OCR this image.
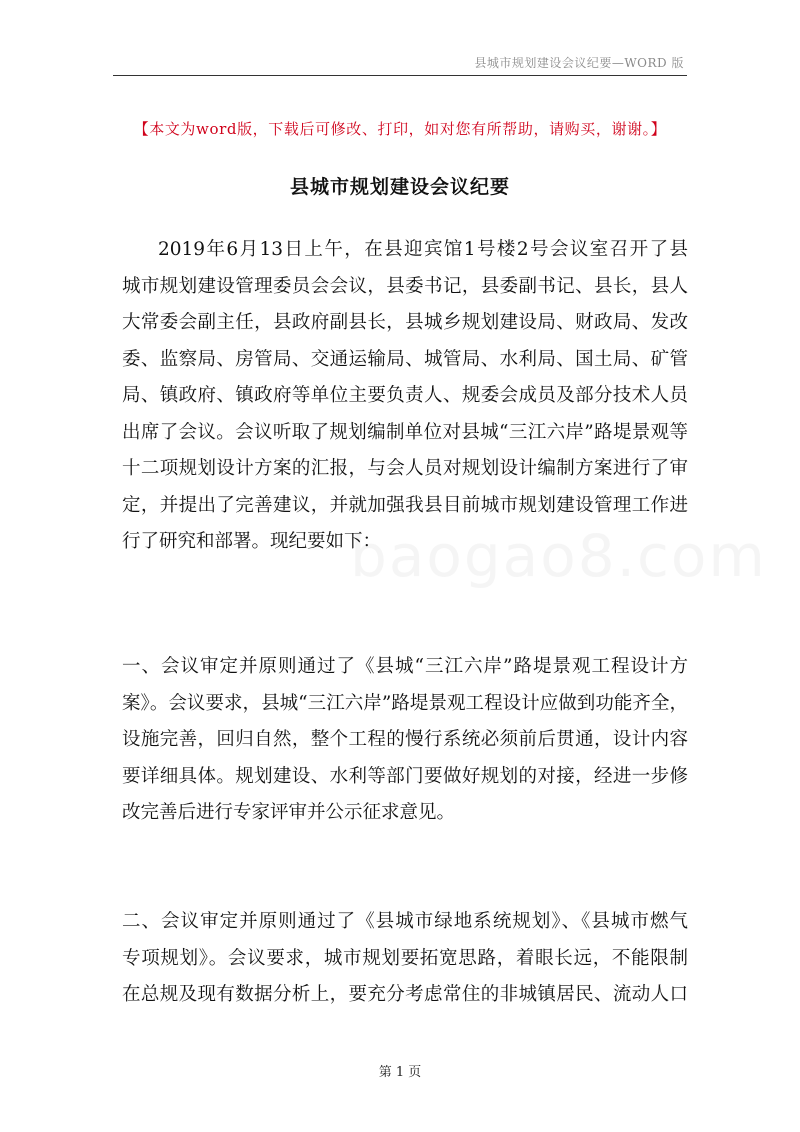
县城市规划建设会议纪要—WORD 版
【本文为word版，下载后可修改、打印，如对您有所帮助，请购买，谢谢。】
县城市规划建设会议纪要
baogao8.com
2019年6月13日上午，在县迎宾馆1号楼2号会议室召开了县
城市规划建设管理委员会会议，县委书记，县委副书记、县长，县人
大常委会副主任，县政府副县长，县城乡规划建设局、财政局、发改
委、监察局、房管局、交通运输局、城管局、水利局、国土局、矿管
局、镇政府、镇政府等单位主要负责人、规委会成员及部分技术人员
出席了会议。会议听取了规划编制单位对县城“三江六岸”路堤景观等
十二项规划设计方案的汇报，与会人员对规划设计编制方案进行了审
定，并提出了完善建议，并就加强我县目前城市规划建设管理工作进
行了研究和部署。现纪要如下：
一、会议审定并原则通过了《县城“三江六岸”路堤景观工程设计方
案》。会议要求，县城“三江六岸”路堤景观工程设计应做到功能齐全，
设施完善，回归自然，整个工程的慢行系统必须前后贯通，设计内容
要详细具体。规划建设、水利等部门要做好规划的对接，经进一步修
改完善后进行专家评审并公示征求意见。
二、会议审定并原则通过了《县城市绿地系统规划》、《县城市燃气
专项规划》。会议要求，城市规划要拓宽思路，着眼长远，不能限制
在总规及现有数据分析上，要充分考虑常住的非城镇居民、流动人口
第 1 页
